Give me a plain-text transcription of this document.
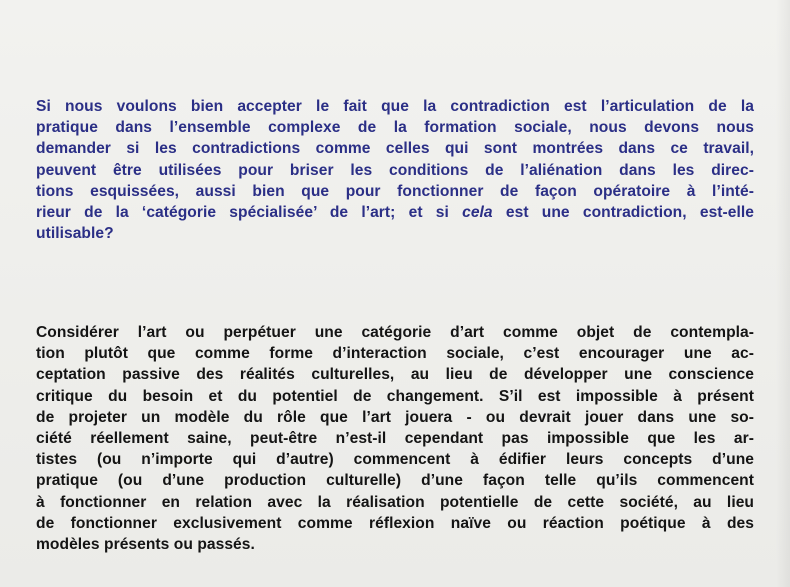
Si nous voulons bien accepter le fait que la contradiction est l’articulation de la
pratique dans l’ensemble complexe de la formation sociale, nous devons nous
demander si les contradictions comme celles qui sont montrées dans ce travail,
peuvent être utilisées pour briser les conditions de l’aliénation dans les direc-
tions esquissées, aussi bien que pour fonctionner de façon opératoire à l’inté-
rieur de la ‘catégorie spécialisée’ de l’art; et si cela est une contradiction, est-elle
utilisable?

Considérer l’art ou perpétuer une catégorie d’art comme objet de contempla-
tion plutôt que comme forme d’interaction sociale, c’est encourager une ac-
ceptation passive des réalités culturelles, au lieu de développer une conscience
critique du besoin et du potentiel de changement. S’il est impossible à présent
de projeter un modèle du rôle que l’art jouera - ou devrait jouer dans une so-
ciété réellement saine, peut-être n’est-il cependant pas impossible que les ar-
tistes (ou n’importe qui d’autre) commencent à édifier leurs concepts d’une
pratique (ou d’une production culturelle) d’une façon telle qu’ils commencent
à fonctionner en relation avec la réalisation potentielle de cette société, au lieu
de fonctionner exclusivement comme réflexion naïve ou réaction poétique à des
modèles présents ou passés.
